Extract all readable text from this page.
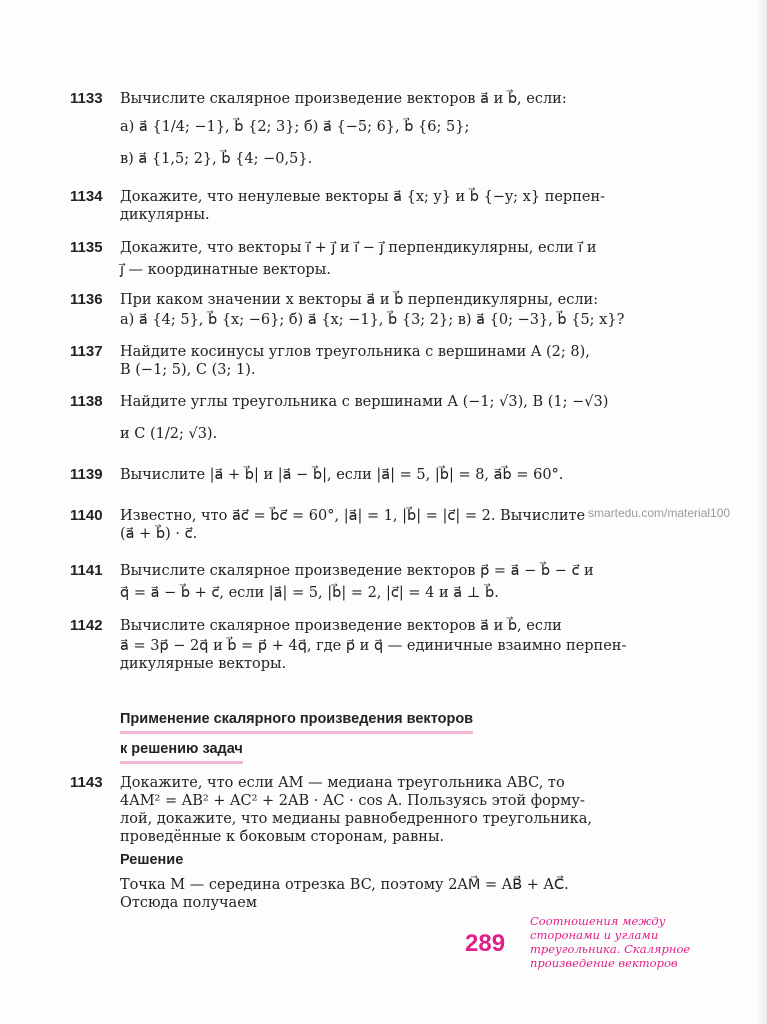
1133 Вычислите скалярное произведение векторов a⃗ и b⃗, если:
а) a⃗ {1/4; −1}, b⃗ {2; 3}; б) a⃗ {−5; 6}, b⃗ {6; 5};
в) a⃗ {1,5; 2}, b⃗ {4; −0,5}.
1134 Докажите, что ненулевые векторы a⃗ {x; y} и b⃗ {−y; x} перпен-
дикулярны.
1135 Докажите, что векторы i⃗ + j⃗ и i⃗ − j⃗ перпендикулярны, если i⃗ и
j⃗ — координатные векторы.
1136 При каком значении x векторы a⃗ и b⃗ перпендикулярны, если:
а) a⃗ {4; 5}, b⃗ {x; −6}; б) a⃗ {x; −1}, b⃗ {3; 2}; в) a⃗ {0; −3}, b⃗ {5; x}?
1137 Найдите косинусы углов треугольника с вершинами A (2; 8),
B (−1; 5), C (3; 1).
1138 Найдите углы треугольника с вершинами A (−1; √3), B (1; −√3)
и C (1/2; √3).
1139 Вычислите |a⃗ + b⃗| и |a⃗ − b⃗|, если |a⃗| = 5, |b⃗| = 8, a⃗b⃗ = 60°.
1140 Известно, что a⃗c⃗ = b⃗c⃗ = 60°, |a⃗| = 1, |b⃗| = |c⃗| = 2. Вычислите
(a⃗ + b⃗) · c⃗.
smartedu.com/material100
1141 Вычислите скалярное произведение векторов p⃗ = a⃗ − b⃗ − c⃗ и
q⃗ = a⃗ − b⃗ + c⃗, если |a⃗| = 5, |b⃗| = 2, |c⃗| = 4 и a⃗ ⊥ b⃗.
1142 Вычислите скалярное произведение векторов a⃗ и b⃗, если
a⃗ = 3p⃗ − 2q⃗ и b⃗ = p⃗ + 4q⃗, где p⃗ и q⃗ — единичные взаимно перпен-
дикулярные векторы.
Применение скалярного произведения векторов
к решению задач
1143 Докажите, что если AM — медиана треугольника ABC, то
4AM² = AB² + AC² + 2AB · AC · cos A. Пользуясь этой форму-
лой, докажите, что медианы равнобедренного треугольника,
проведённые к боковым сторонам, равны.
Решение
Точка M — середина отрезка BC, поэтому 2AM⃗ = AB⃗ + AC⃗.
Отсюда получаем
289
Соотношения между сторонами и углами треугольника. Скалярное произведение векторов
